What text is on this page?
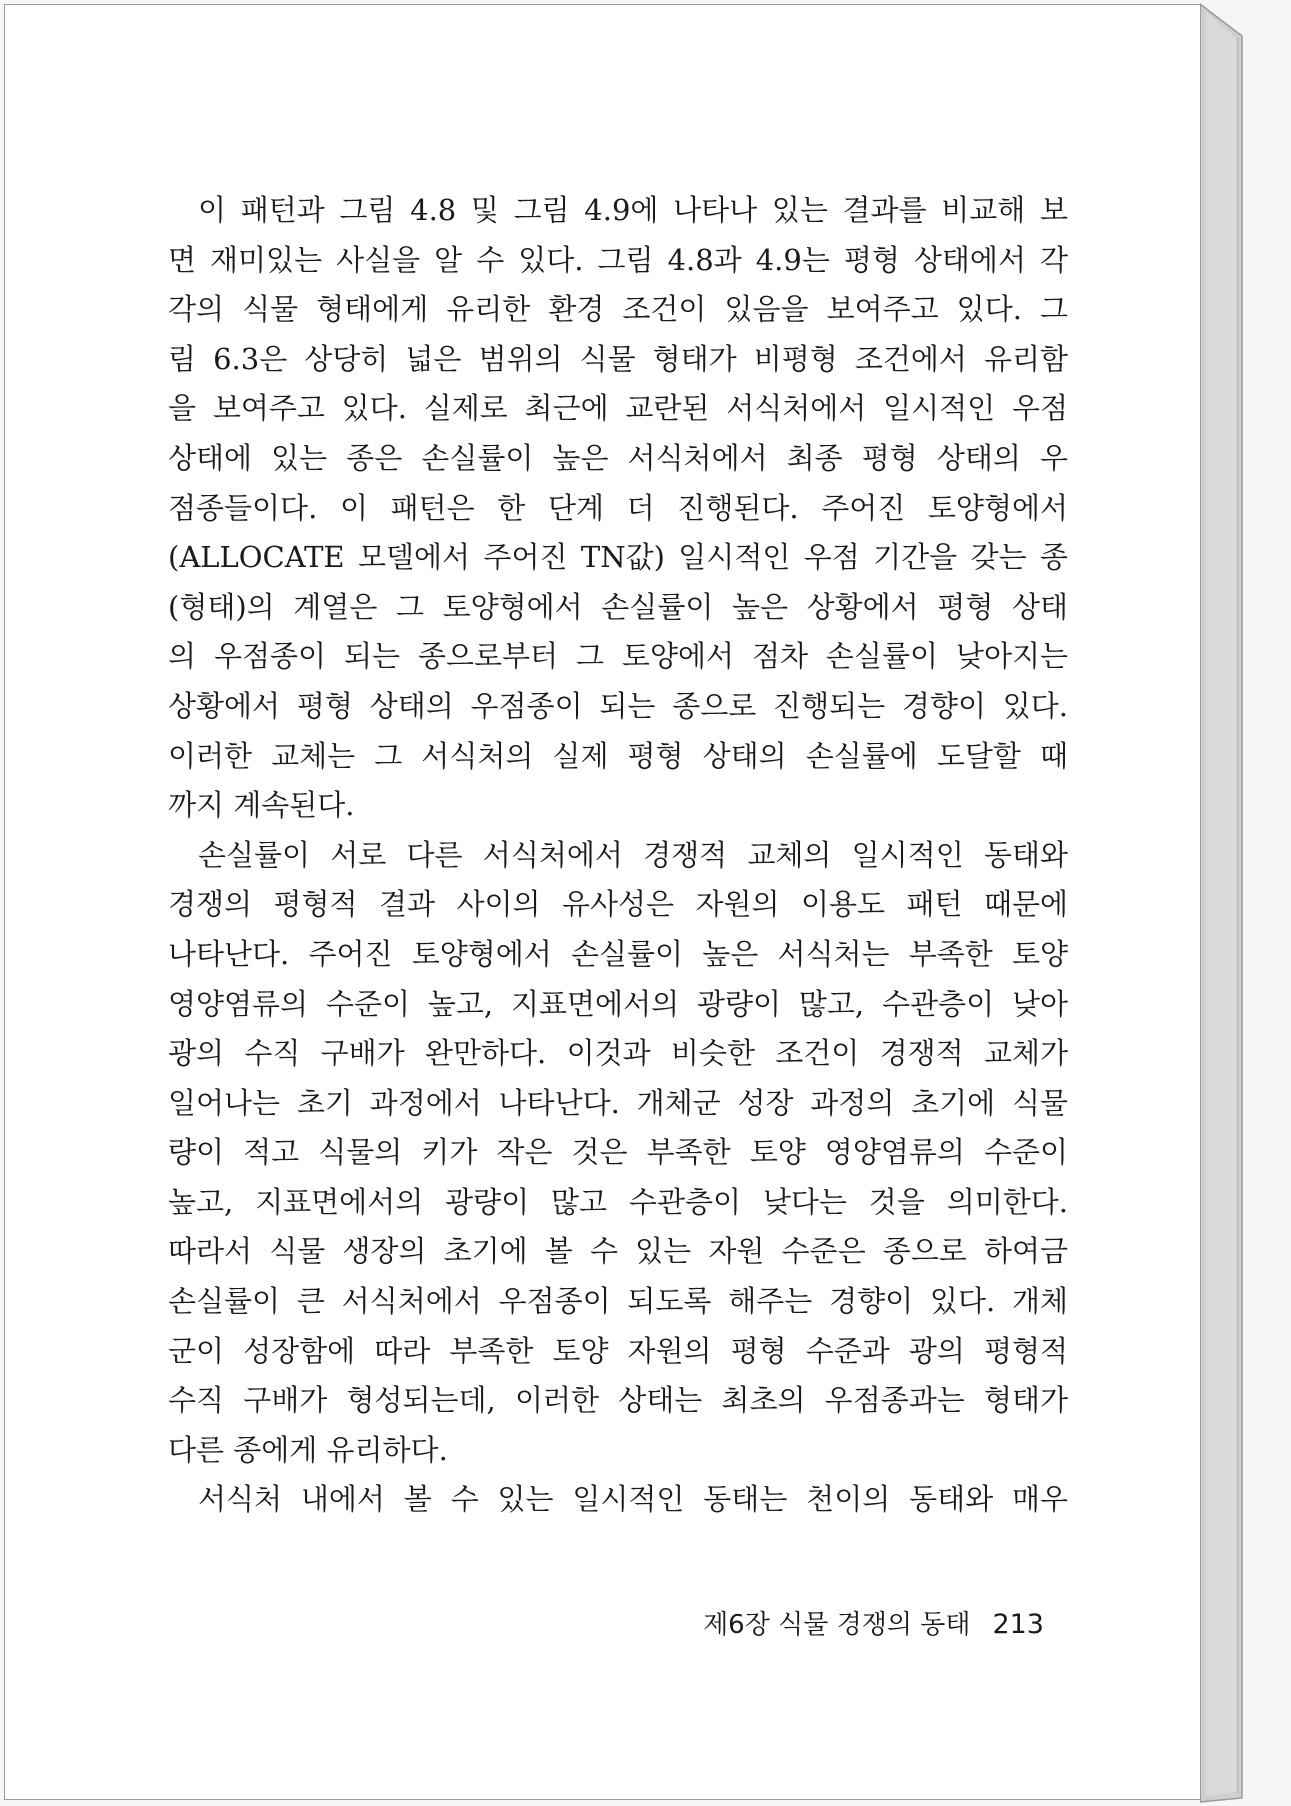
이 패턴과 그림 4.8 및 그림 4.9에 나타나 있는 결과를 비교해 보
면 재미있는 사실을 알 수 있다. 그림 4.8과 4.9는 평형 상태에서 각
각의 식물 형태에게 유리한 환경 조건이 있음을 보여주고 있다. 그
림 6.3은 상당히 넓은 범위의 식물 형태가 비평형 조건에서 유리함
을 보여주고 있다. 실제로 최근에 교란된 서식처에서 일시적인 우점
상태에 있는 종은 손실률이 높은 서식처에서 최종 평형 상태의 우
점종들이다. 이 패턴은 한 단계 더 진행된다. 주어진 토양형에서
(ALLOCATE 모델에서 주어진 TN값) 일시적인 우점 기간을 갖는 종
(형태)의 계열은 그 토양형에서 손실률이 높은 상황에서 평형 상태
의 우점종이 되는 종으로부터 그 토양에서 점차 손실률이 낮아지는
상황에서 평형 상태의 우점종이 되는 종으로 진행되는 경향이 있다.
이러한 교체는 그 서식처의 실제 평형 상태의 손실률에 도달할 때
까지 계속된다.
손실률이 서로 다른 서식처에서 경쟁적 교체의 일시적인 동태와
경쟁의 평형적 결과 사이의 유사성은 자원의 이용도 패턴 때문에
나타난다. 주어진 토양형에서 손실률이 높은 서식처는 부족한 토양
영양염류의 수준이 높고, 지표면에서의 광량이 많고, 수관층이 낮아
광의 수직 구배가 완만하다. 이것과 비슷한 조건이 경쟁적 교체가
일어나는 초기 과정에서 나타난다. 개체군 성장 과정의 초기에 식물
량이 적고 식물의 키가 작은 것은 부족한 토양 영양염류의 수준이
높고, 지표면에서의 광량이 많고 수관층이 낮다는 것을 의미한다.
따라서 식물 생장의 초기에 볼 수 있는 자원 수준은 종으로 하여금
손실률이 큰 서식처에서 우점종이 되도록 해주는 경향이 있다. 개체
군이 성장함에 따라 부족한 토양 자원의 평형 수준과 광의 평형적
수직 구배가 형성되는데, 이러한 상태는 최초의 우점종과는 형태가
다른 종에게 유리하다.
서식처 내에서 볼 수 있는 일시적인 동태는 천이의 동태와 매우
제6장 식물 경쟁의 동태 213
